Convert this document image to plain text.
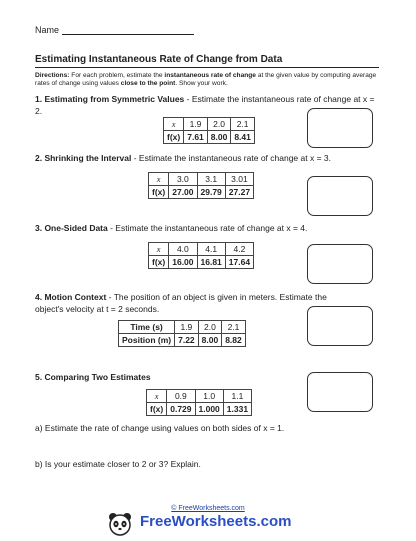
Name
Estimating Instantaneous Rate of Change from Data
Directions: For each problem, estimate the instantaneous rate of change at the given value by computing average rates of change using values close to the point. Show your work.
1. Estimating from Symmetric Values - Estimate the instantaneous rate of change at x = 2.
x	1.9	2.0	2.1
f(x)	7.61	8.00	8.41
2. Shrinking the Interval - Estimate the instantaneous rate of change at x = 3.
x	3.0	3.1	3.01
f(x)	27.00	29.79	27.27
3. One-Sided Data - Estimate the instantaneous rate of change at x = 4.
x	4.0	4.1	4.2
f(x)	16.00	16.81	17.64
4. Motion Context - The position of an object is given in meters. Estimate the object's velocity at t = 2 seconds.
Time (s)	1.9	2.0	2.1
Position (m)	7.22	8.00	8.82
5. Comparing Two Estimates
x	0.9	1.0	1.1
f(x)	0.729	1.000	1.331
a) Estimate the rate of change using values on both sides of x = 1.
b) Is your estimate closer to 2 or 3? Explain.
© FreeWorksheets.com
FreeWorksheets.com
